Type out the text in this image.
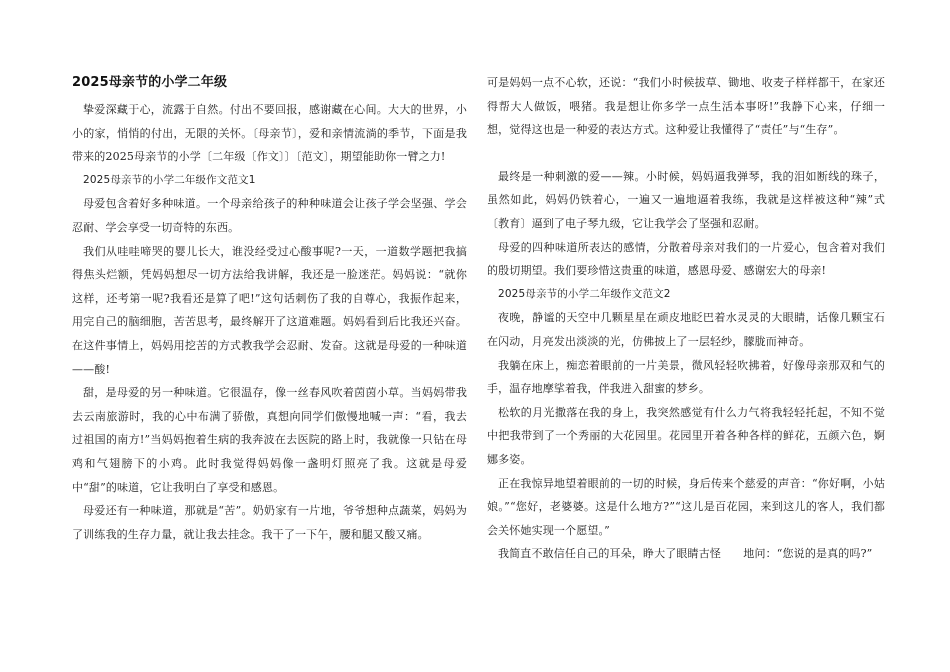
2025母亲节的小学二年级

挚爱深藏于心，流露于自然。付出不要回报，感谢藏在心间。大大的世界，小小的家，悄悄的付出，无限的关怀。〔母亲节〕，爱和亲情流淌的季节，下面是我带来的2025母亲节的小学〔二年级〔作文〕〕〔范文〕，期望能助你一臂之力!

2025母亲节的小学二年级作文范文1

母爱包含着好多种味道。一个母亲给孩子的种种味道会让孩子学会坚强、学会忍耐、学会享受一切奇特的东西。

我们从哇哇啼哭的婴儿长大，谁没经受过心酸事呢?一天，一道数学题把我搞得焦头烂额，凭妈妈想尽一切方法给我讲解，我还是一脸迷茫。妈妈说：“就你这样，还考第一呢?我看还是算了吧!”这句话刺伤了我的自尊心，我振作起来，用完自己的脑细胞，苦苦思考，最终解开了这道难题。妈妈看到后比我还兴奋。在这件事情上，妈妈用挖苦的方式教我学会忍耐、发奋。这就是母爱的一种味道——酸!

甜，是母爱的另一种味道。它很温存，像一丝春风吹着茵茵小草。当妈妈带我去云南旅游时，我的心中布满了骄傲，真想向同学们傲慢地喊一声：“看，我去过祖国的南方!”当妈妈抱着生病的我奔波在去医院的路上时，我就像一只钻在母鸡和气翅膀下的小鸡。此时我觉得妈妈像一盏明灯照亮了我。这就是母爱中“甜”的味道，它让我明白了享受和感恩。

母爱还有一种味道，那就是“苦”。奶奶家有一片地，爷爷想种点蔬菜，妈妈为了训练我的生存力量，就让我去挂念。我干了一下午，腰和腿又酸又痛。

可是妈妈一点不心软，还说：“我们小时候拔草、锄地、收麦子样样都干，在家还得帮大人做饭，喂猪。我是想让你多学一点生活本事呀!”我静下心来，仔细一想，觉得这也是一种爱的表达方式。这种爱让我懂得了“责任”与“生存”。

最终是一种刺激的爱——辣。小时候，妈妈逼我弹琴，我的泪如断线的珠子，虽然如此，妈妈仍铁着心，一遍又一遍地逼着我练，我就是这样被这种“辣”式〔教育〕逼到了电子琴九级，它让我学会了坚强和忍耐。

母爱的四种味道所表达的感情，分散着母亲对我们的一片爱心，包含着对我们的殷切期望。我们要珍惜这贵重的味道，感恩母爱、感谢宏大的母亲!

2025母亲节的小学二年级作文范文2

夜晚，静谧的天空中几颗星星在顽皮地眨巴着水灵灵的大眼睛，话像几颗宝石在闪动，月亮发出淡淡的光，仿佛披上了一层轻纱，朦胧而神奇。

我躺在床上，痴恋着眼前的一片美景，微风轻轻吹拂着，好像母亲那双和气的手，温存地摩挲着我，伴我进入甜蜜的梦乡。

松软的月光撒落在我的身上，我突然感觉有什么力气将我轻轻托起，不知不觉中把我带到了一个秀丽的大花园里。花园里开着各种各样的鲜花，五颜六色，婀娜多姿。

正在我惊异地望着眼前的一切的时候，身后传来个慈爱的声音：“你好啊，小姑娘。”“您好，老婆婆。这是什么地方?”“这儿是百花园，来到这儿的客人，我们都会关怀她实现一个愿望。”

我简直不敢信任自己的耳朵，睁大了眼睛古怪　　地问：“您说的是真的吗?”
